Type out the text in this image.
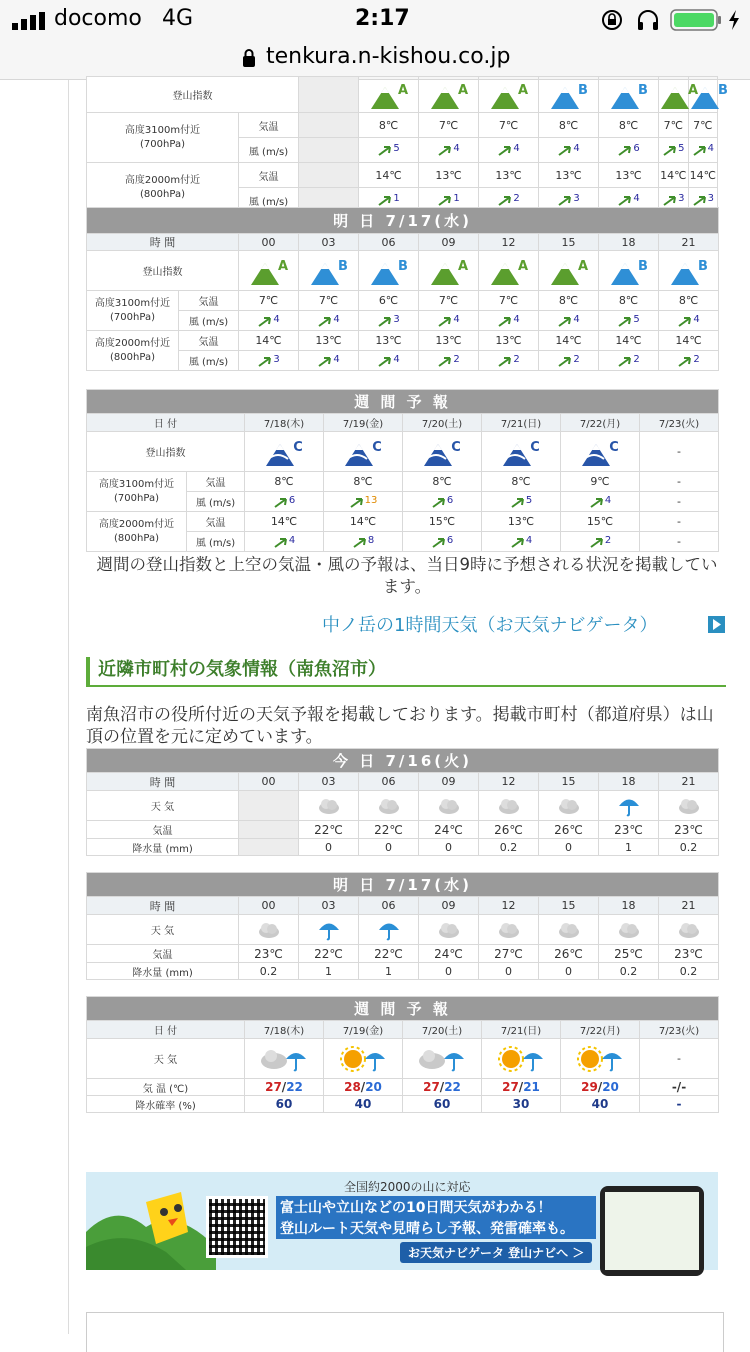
docomo 4G	2:17
tenkura.n-kishou.co.jp
登山指数			A	A	A	B	B	A	B

高度3100m付近
(700hPa)	気温		8℃	7℃	7℃	8℃	8℃	7℃	7℃
	風 (m/s)		5	4	4	4	6	5	4
高度2000m付近
(800hPa)	気温		14℃	13℃	13℃	13℃	13℃	14℃	14℃
	風 (m/s)		1	1	2	3	4	3	3
明 日 7/17(水)									
時 間		00	03	06	09	12	15	18	21
登山指数		A	B	B	A	A	A	B	B

高度3100m付近
(700hPa)	気温	7℃	7℃	6℃	7℃	7℃	8℃	8℃	8℃
	風 (m/s)	4	4	3	4	4	4	5	4
高度2000m付近
(800hPa)	気温	14℃	13℃	13℃	13℃	13℃	14℃	14℃	14℃
	風 (m/s)	3	4	4	2	2	2	2	2
週 間 予 報							
日 付		7/18(木)	7/19(金)	7/20(土)	7/21(日)	7/22(月)	7/23(火)
登山指数		C	C	C	C	C	-
高度3100m付近
(700hPa)	気温	8℃	8℃	8℃	8℃	9℃	-
	風 (m/s)	6	13	6	5	4	-
高度2000m付近
(800hPa)	気温	14℃	14℃	15℃	13℃	15℃	-
	風 (m/s)	4	8	6	4	2	-
週間の登山指数と上空の気温・風の予報は、当日9時に予想される状況を掲載しています。
中ノ岳の1時間天気（お天気ナビゲータ）
近隣市町村の気象情報（南魚沼市）
南魚沼市の役所付近の天気予報を掲載しております。掲載市町村（都道府県）は山頂の位置を元に定めています。
今 日 7/16(火)								
時 間	00	03	06	09	12	15	18	21
天 気								
気温		22℃	22℃	24℃	26℃	26℃	23℃	23℃
降水量 (mm)		0	0	0	0.2	0	1	0.2
明 日 7/17(水)								
時 間	00	03	06	09	12	15	18	21
天 気								
気温	23℃	22℃	22℃	24℃	27℃	26℃	25℃	23℃
降水量 (mm)	0.2	1	1	0	0	0	0.2	0.2
週 間 予 報						
日 付	7/18(木)	7/19(金)	7/20(土)	7/21(日)	7/22(月)	7/23(火)
天 気						-
気 温 (℃)	27/22	28/20	27/22	27/21	29/20	-/-
降水確率 (%)	60	40	60	30	40	-
全国約2000の山に対応
富士山や立山などの10日間天気がわかる！
登山ルート天気や見晴らし予報、発雷確率も。
お天気ナビゲータ 登山ナビへ ＞
